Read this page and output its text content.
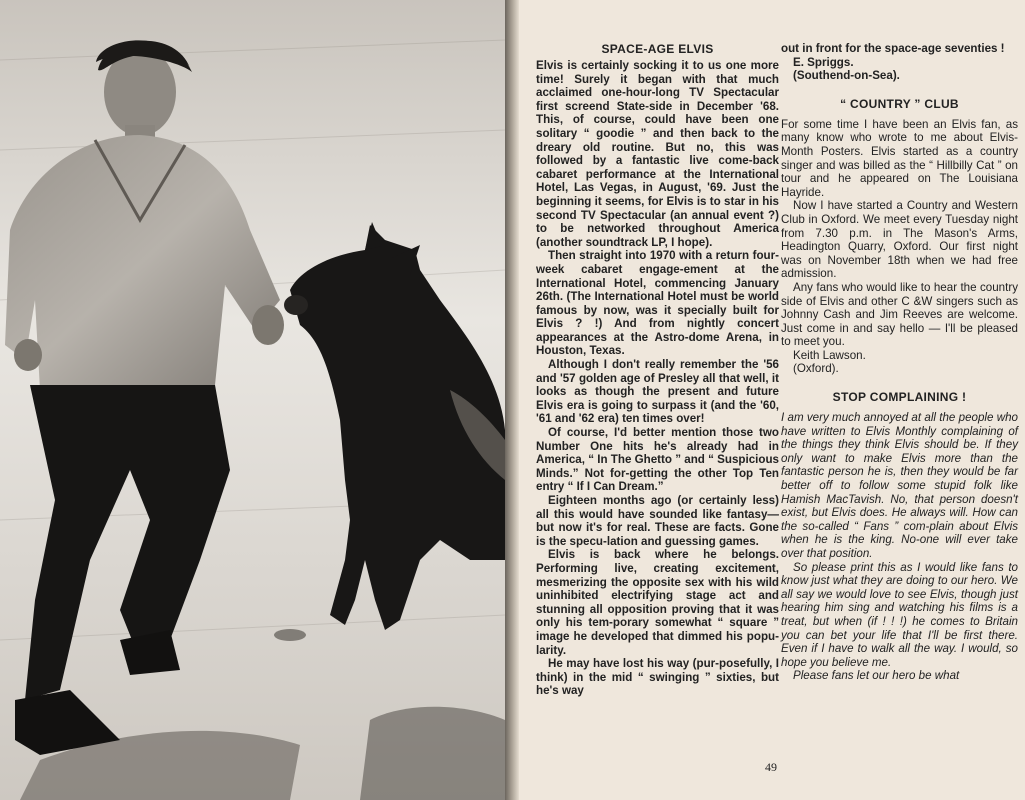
SPACE-AGE ELVIS

Elvis is certainly socking it to us one more time! Surely it began with that much acclaimed one-hour-long TV Spectacular first screend State-side in December '68. This, of course, could have been one solitary “ goodie ” and then back to the dreary old routine. But no, this was followed by a fantastic live come-back cabaret performance at the International Hotel, Las Vegas, in August, '69. Just the beginning it seems, for Elvis is to star in his second TV Spectacular (an annual event ?) to be networked throughout America (another soundtrack LP, I hope).

Then straight into 1970 with a return four-week cabaret engage-ement at the International Hotel, commencing January 26th. (The International Hotel must be world famous by now, was it specially built for Elvis ? !) And from nightly concert appearances at the Astro-dome Arena, in Houston, Texas.

Although I don't really remember the '56 and '57 golden age of Presley all that well, it looks as though the present and future Elvis era is going to surpass it (and the '60, '61 and '62 era) ten times over!

Of course, I'd better mention those two Number One hits he's already had in America, “ In The Ghetto ” and “ Suspicious Minds.” Not for-getting the other Top Ten entry “ If I Can Dream.”

Eighteen months ago (or certainly less) all this would have sounded like fantasy—but now it's for real. These are facts. Gone is the specu-lation and guessing games.

Elvis is back where he belongs. Performing live, creating excitement, mesmerizing the opposite sex with his wild uninhibited electrifying stage act and stunning all opposition proving that it was only his tem-porary somewhat “ square ” image he developed that dimmed his popu-larity.

He may have lost his way (pur-posefully, I think) in the mid “ swinging ” sixties, but he's way

out in front for the space-age seventies !

E. Spriggs.

(Southend-on-Sea).

“ COUNTRY ” CLUB

For some time I have been an Elvis fan, as many know who wrote to me about Elvis-Month Posters. Elvis started as a country singer and was billed as the “ Hillbilly Cat ” on tour and he appeared on The Louisiana Hayride.

Now I have started a Country and Western Club in Oxford. We meet every Tuesday night from 7.30 p.m. in The Mason's Arms, Headington Quarry, Oxford. Our first night was on November 18th when we had free admission.

Any fans who would like to hear the country side of Elvis and other C &W singers such as Johnny Cash and Jim Reeves are welcome. Just come in and say hello — I'll be pleased to meet you.

Keith Lawson.

(Oxford).

STOP COMPLAINING !

I am very much annoyed at all the people who have written to Elvis Monthly complaining of the things they think Elvis should be. If they only want to make Elvis more than the fantastic person he is, then they would be far better off to follow some stupid folk like Hamish MacTavish. No, that person doesn't exist, but Elvis does. He always will. How can the so-called “ Fans ” com-plain about Elvis when he is the king. No-one will ever take over that position.

So please print this as I would like fans to know just what they are doing to our hero. We all say we would love to see Elvis, though just hearing him sing and watching his films is a treat, but when (if ! ! !) he comes to Britain you can bet your life that I'll be first there. Even if I have to walk all the way. I would, so hope you believe me.

Please fans let our hero be what

49
